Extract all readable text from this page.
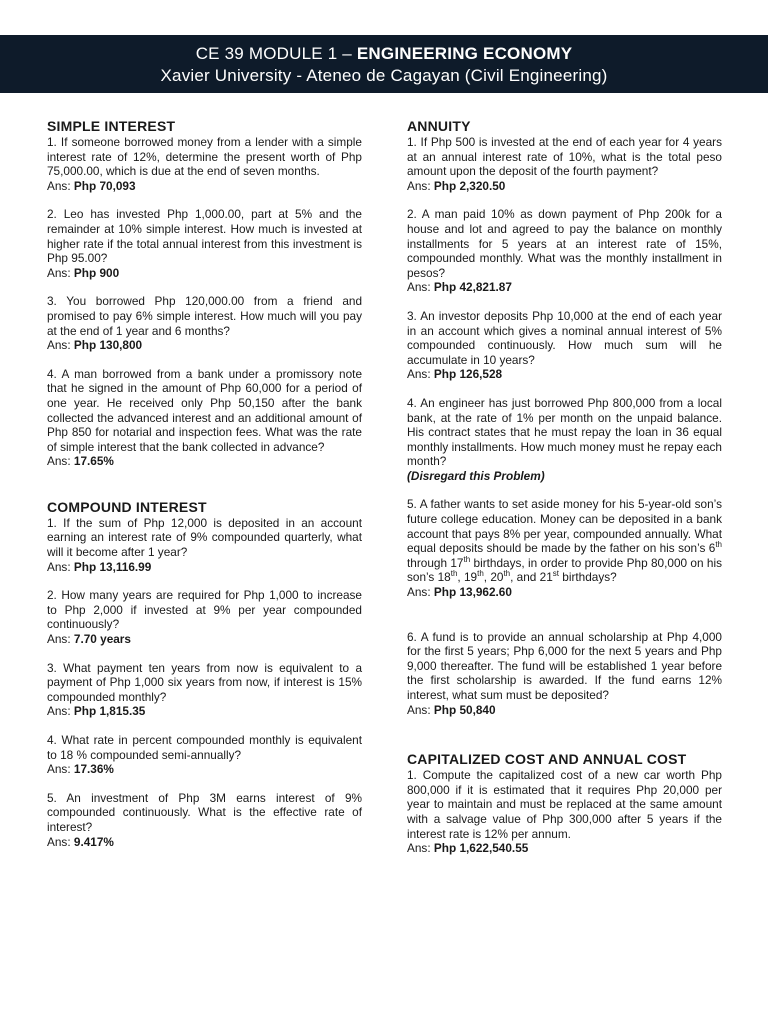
CE 39 MODULE 1 – ENGINEERING ECONOMY
Xavier University - Ateneo de Cagayan (Civil Engineering)
SIMPLE INTEREST

1. If someone borrowed money from a lender with a simple interest rate of 12%, determine the present worth of Php 75,000.00, which is due at the end of seven months.

Ans: Php 70,093

2. Leo has invested Php 1,000.00, part at 5% and the remainder at 10% simple interest. How much is invested at higher rate if the total annual interest from this investment is Php 95.00?

Ans: Php 900

3. You borrowed Php 120,000.00 from a friend and promised to pay 6% simple interest. How much will you pay at the end of 1 year and 6 months?

Ans: Php 130,800

4. A man borrowed from a bank under a promissory note that he signed in the amount of Php 60,000 for a period of one year. He received only Php 50,150 after the bank collected the advanced interest and an additional amount of Php 850 for notarial and inspection fees. What was the rate of simple interest that the bank collected in advance?

Ans: 17.65%

COMPOUND INTEREST

1. If the sum of Php 12,000 is deposited in an account earning an interest rate of 9% compounded quarterly, what will it become after 1 year?

Ans: Php 13,116.99

2. How many years are required for Php 1,000 to increase to Php 2,000 if invested at 9% per year compounded continuously?

Ans: 7.70 years

3. What payment ten years from now is equivalent to a payment of Php 1,000 six years from now, if interest is 15% compounded monthly?

Ans: Php 1,815.35

4. What rate in percent compounded monthly is equivalent to 18 % compounded semi-annually?

Ans: 17.36%

5. An investment of Php 3M earns interest of 9% compounded continuously. What is the effective rate of interest?

Ans: 9.417%

ANNUITY

1. If Php 500 is invested at the end of each year for 4 years at an annual interest rate of 10%, what is the total peso amount upon the deposit of the fourth payment?

Ans: Php 2,320.50

2. A man paid 10% as down payment of Php 200k for a house and lot and agreed to pay the balance on monthly installments for 5 years at an interest rate of 15%, compounded monthly. What was the monthly installment in pesos?

Ans: Php 42,821.87

3. An investor deposits Php 10,000 at the end of each year in an account which gives a nominal annual interest of 5% compounded continuously. How much sum will he accumulate in 10 years?

Ans: Php 126,528

4. An engineer has just borrowed Php 800,000 from a local bank, at the rate of 1% per month on the unpaid balance. His contract states that he must repay the loan in 36 equal monthly installments. How much money must he repay each month?

(Disregard this Problem)

5. A father wants to set aside money for his 5-year-old son’s future college education. Money can be deposited in a bank account that pays 8% per year, compounded annually. What equal deposits should be made by the father on his son’s 6th through 17th birthdays, in order to provide Php 80,000 on his son’s 18th, 19th, 20th, and 21st birthdays?

Ans: Php 13,962.60

6. A fund is to provide an annual scholarship at Php 4,000 for the first 5 years; Php 6,000 for the next 5 years and Php 9,000 thereafter. The fund will be established 1 year before the first scholarship is awarded. If the fund earns 12% interest, what sum must be deposited?

Ans: Php 50,840

CAPITALIZED COST AND ANNUAL COST

1. Compute the capitalized cost of a new car worth Php 800,000 if it is estimated that it requires Php 20,000 per year to maintain and must be replaced at the same amount with a salvage value of Php 300,000 after 5 years if the interest rate is 12% per annum.

Ans: Php 1,622,540.55
